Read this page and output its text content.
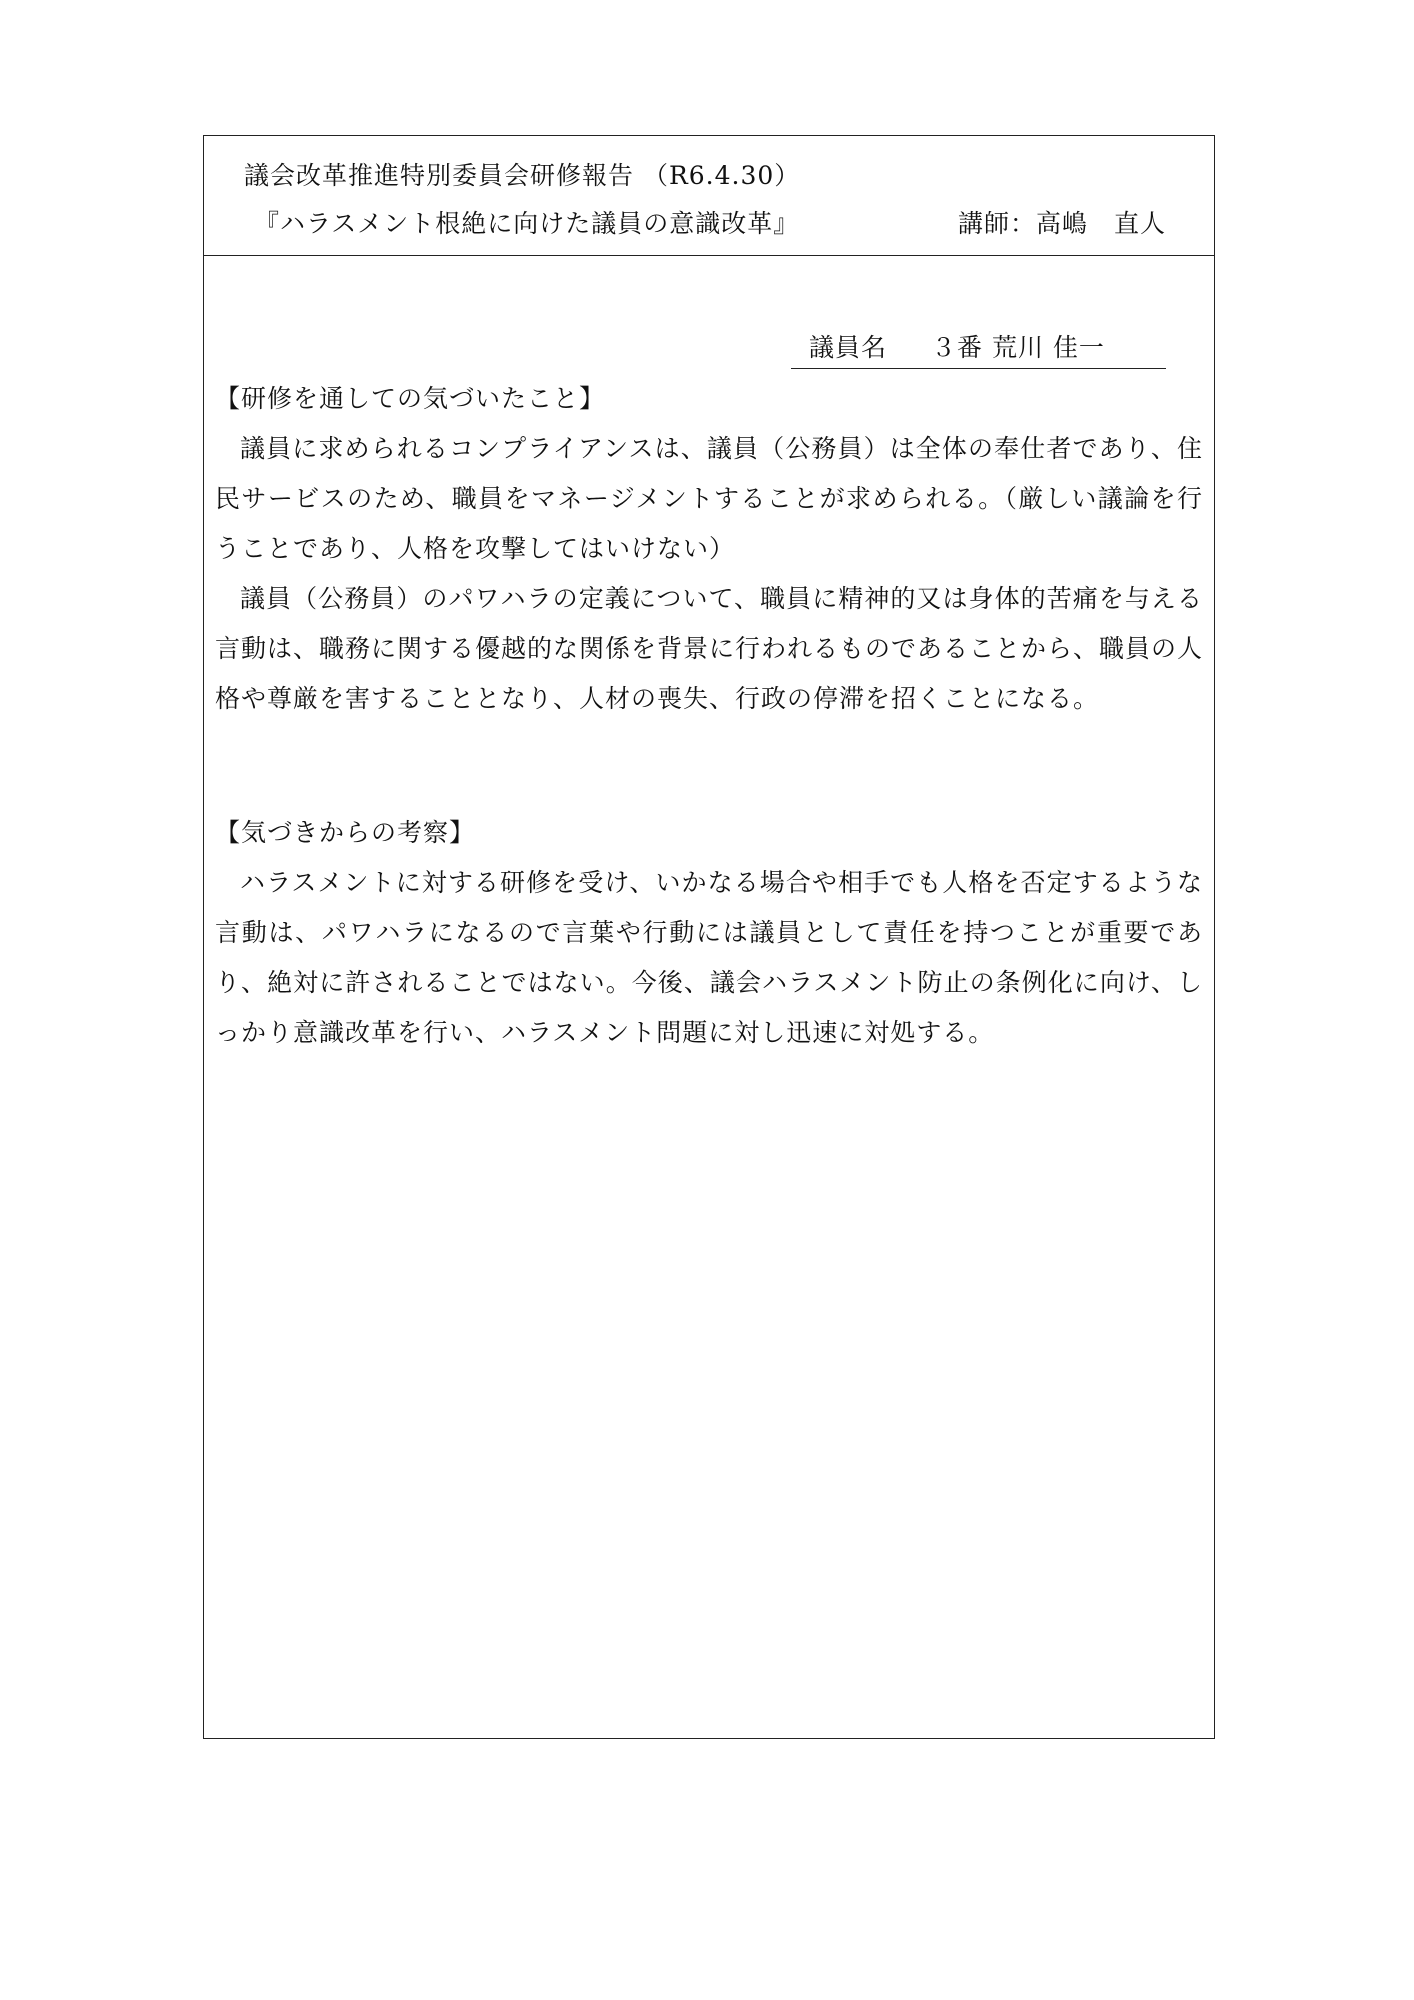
議会改革推進特別委員会研修報告 （R6.4.30）
『ハラスメント根絶に向けた議員の意識改革』	講師：高嶋　直人
議員名 ３番 荒川 佳一

【研修を通しての気づいたこと】

議員に求められるコンプライアンスは、議員（公務員）は全体の奉仕者であり、住民サービスのため、職員をマネージメントすることが求められる。（厳しい議論を行うことであり、人格を攻撃してはいけない）

議員（公務員）のパワハラの定義について、職員に精神的又は身体的苦痛を与える言動は、職務に関する優越的な関係を背景に行われるものであることから、職員の人格や尊厳を害することとなり、人材の喪失、行政の停滞を招くことになる。

【気づきからの考察】

ハラスメントに対する研修を受け、いかなる場合や相手でも人格を否定するような言動は、パワハラになるので言葉や行動には議員として責任を持つことが重要であり、絶対に許されることではない。今後、議会ハラスメント防止の条例化に向け、しっかり意識改革を行い、ハラスメント問題に対し迅速に対処する。
